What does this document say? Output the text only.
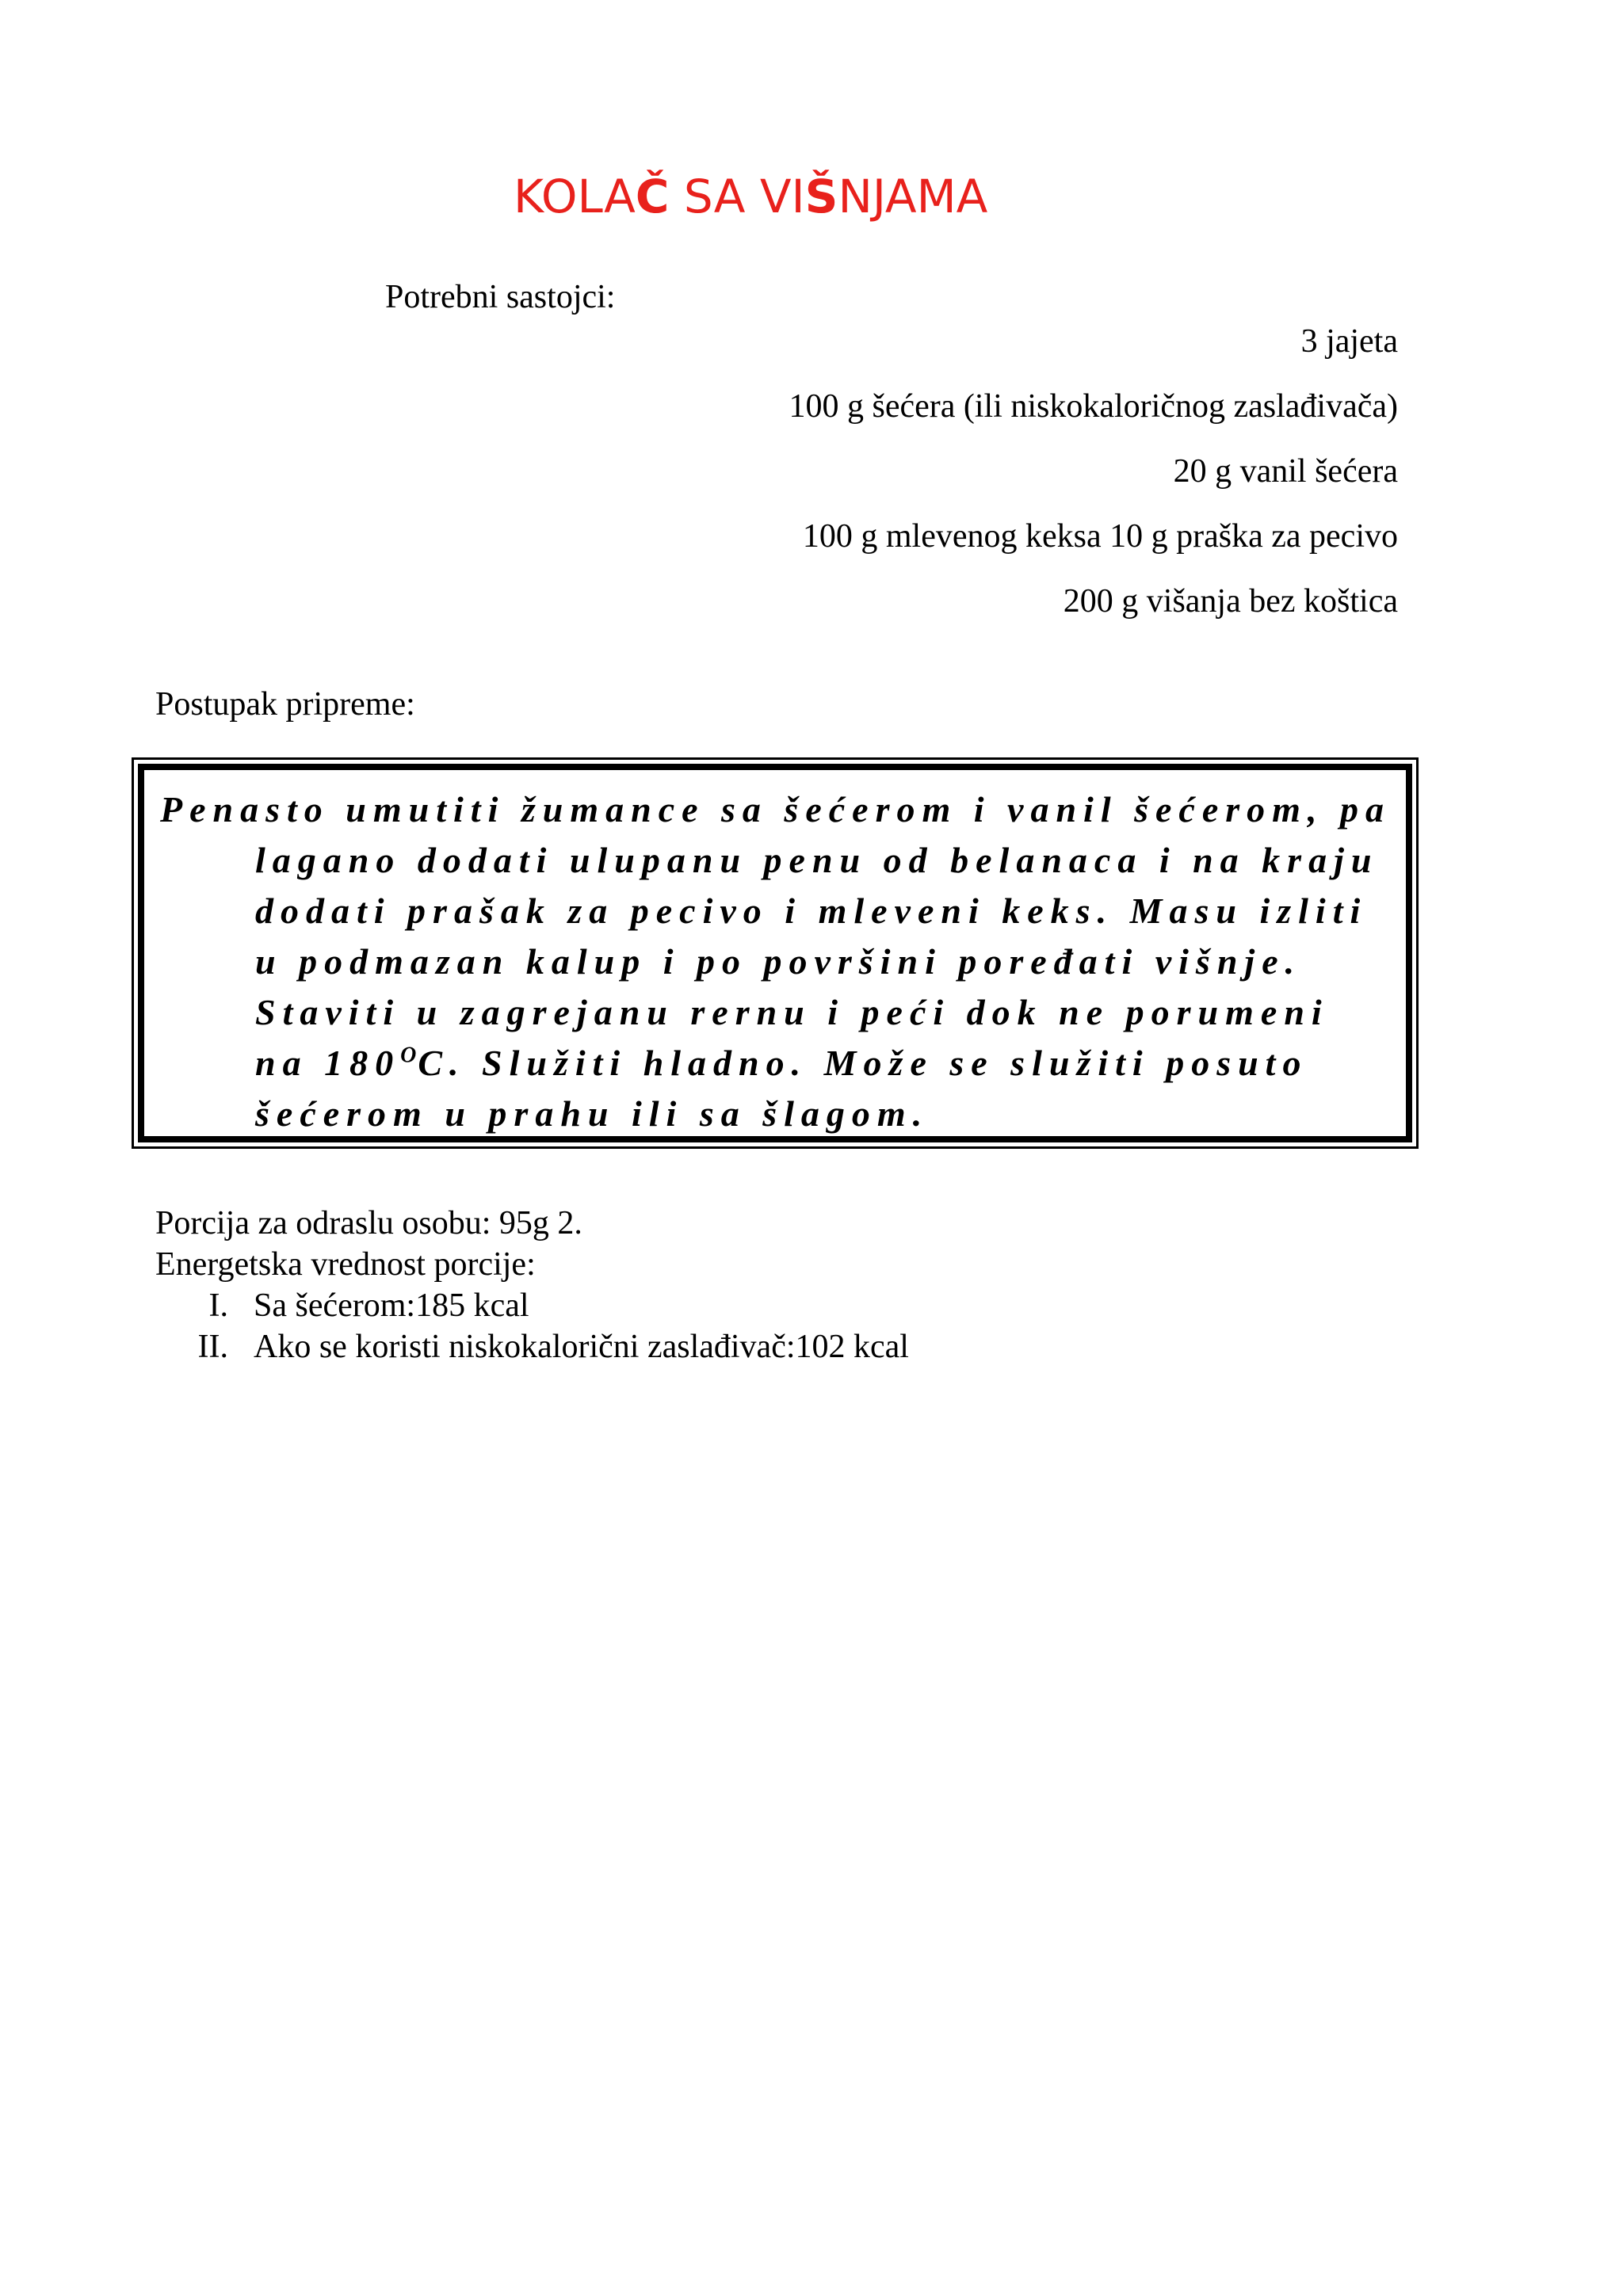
KOLAČ SA VIŠNJAMA
Potrebni sastojci:
3 jajeta
100 g šećera (ili niskokaloričnog zaslađivača)
20 g vanil šećera
100 g mlevenog keksa 10 g praška za pecivo
200 g višanja bez koštica
Postupak pripreme:

Penasto umutiti žumance sa šećerom i vanil šećerom, pa lagano dodati ulupanu penu od belanaca i na kraju dodati prašak za pecivo i mleveni keks. Masu izliti u podmazan kalup i po površini poređati višnje. Staviti u zagrejanu rernu i peći dok ne porumeni na $180^OC$. Služiti hladno. Može se služiti posuto šećerom u prahu ili sa šlagom.

Porcija za odraslu osobu: 95g 2.
Energetska vrednost porcije:
I. Sa šećerom:185 kcal
II. Ako se koristi niskokalorični zaslađivač:102 kcal
